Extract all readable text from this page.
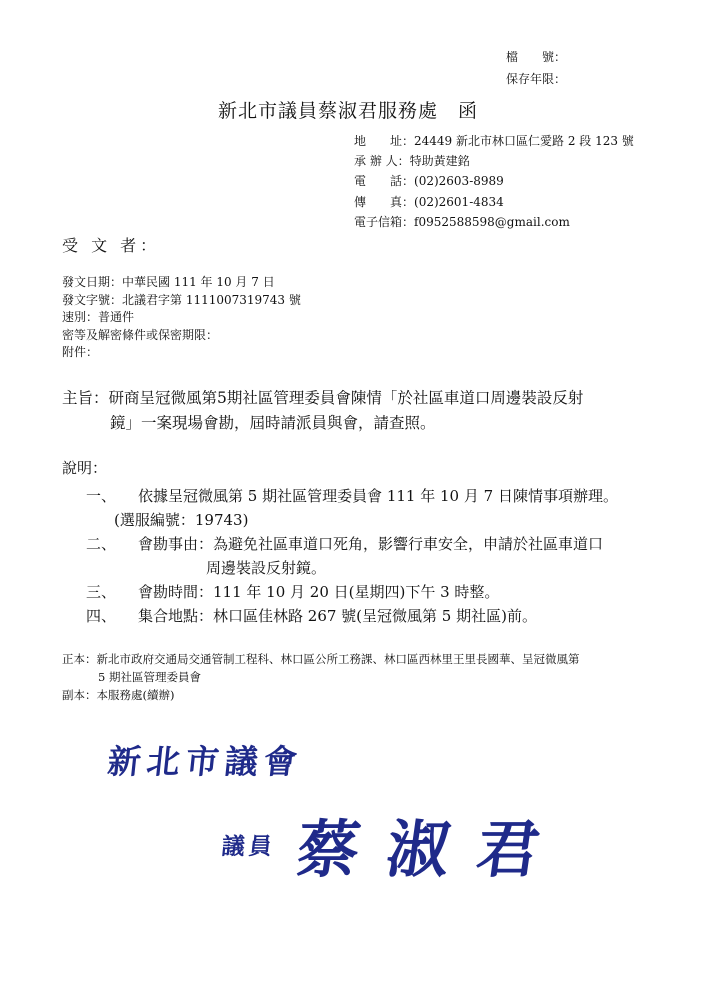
檔　　號：
保存年限：
新北市議員蔡淑君服務處　函
地　　址： 24449 新北市林口區仁愛路 2 段 123 號
承 辦 人： 特助黃建銘
電　　話： (02)2603-8989
傳　　真： (02)2601-4834
電子信箱： f0952588598@gmail.com
受 文 者：
發文日期：中華民國 111 年 10 月 7 日
發文字號：北議君字第 1111007319743 號
速別：普通件
密等及解密條件或保密期限：
附件：
主旨：研商呈冠微風第5期社區管理委員會陳情「於社區車道口周邊裝設反射
鏡」一案現場會勘，屆時請派員與會，請查照。
說明：
一、	依據呈冠微風第 5 期社區管理委員會 111 年 10 月 7 日陳情事項辦理。
(選服編號：19743)
二、	會勘事由：為避免社區車道口死角，影響行車安全，申請於社區車道口
周邊裝設反射鏡。
三、	會勘時間：111 年 10 月 20 日(星期四)下午 3 時整。
四、	集合地點：林口區佳林路 267 號(呈冠微風第 5 期社區)前。
正本：新北市政府交通局交通管制工程科、林口區公所工務課、林口區西林里王里長國華、呈冠微風第
5 期社區管理委員會
副本：本服務處(續辦)
新北市議會
議員 蔡淑君
